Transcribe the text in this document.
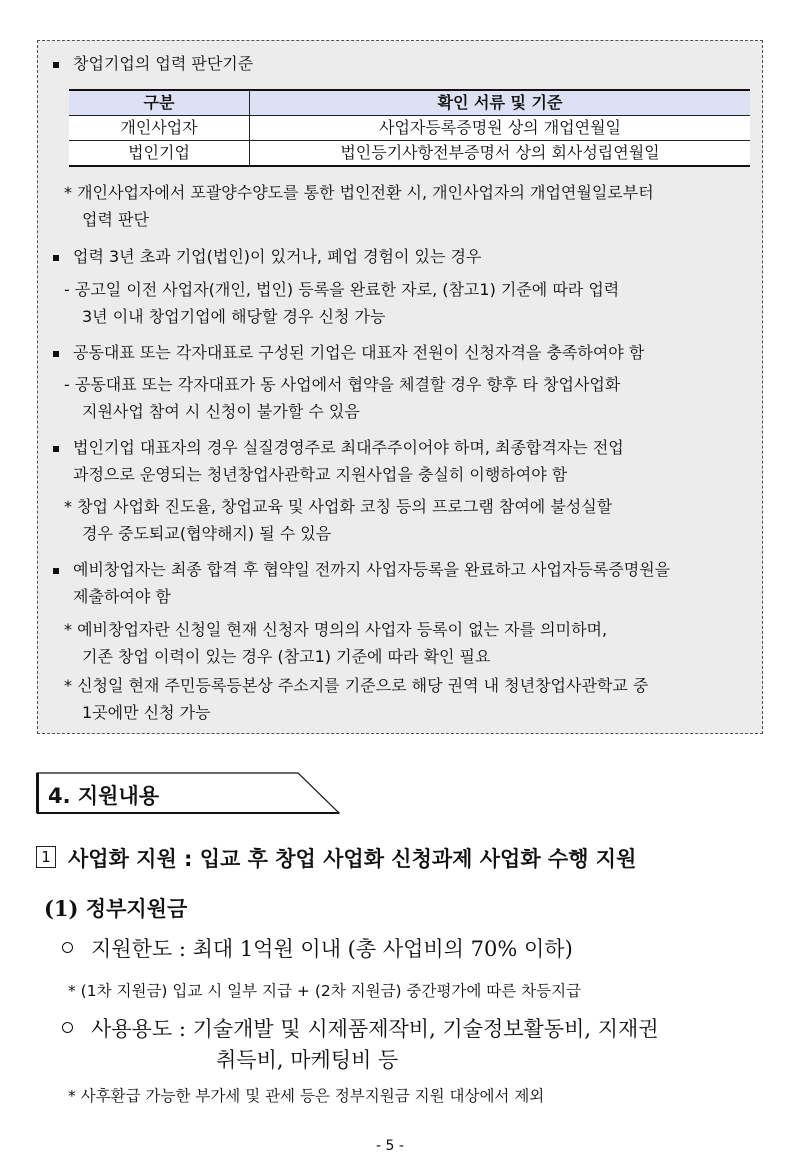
창업기업의 업력 판단기준
구분	확인 서류 및 기준
개인사업자	사업자등록증명원 상의 개업연월일
법인기업	법인등기사항전부증명서 상의 회사성립연월일
* 개인사업자에서 포괄양수양도를 통한 법인전환 시, 개인사업자의 개업연월일로부터
업력 판단
업력 3년 초과 기업(법인)이 있거나, 폐업 경험이 있는 경우
- 공고일 이전 사업자(개인, 법인) 등록을 완료한 자로, (참고1) 기준에 따라 업력
3년 이내 창업기업에 해당할 경우 신청 가능
공동대표 또는 각자대표로 구성된 기업은 대표자 전원이 신청자격을 충족하여야 함
- 공동대표 또는 각자대표가 동 사업에서 협약을 체결할 경우 향후 타 창업사업화
지원사업 참여 시 신청이 불가할 수 있음
법인기업 대표자의 경우 실질경영주로 최대주주이어야 하며, 최종합격자는 전업
과정으로 운영되는 청년창업사관학교 지원사업을 충실히 이행하여야 함
* 창업 사업화 진도율, 창업교육 및 사업화 코칭 등의 프로그램 참여에 불성실할
경우 중도퇴교(협약해지) 될 수 있음
예비창업자는 최종 합격 후 협약일 전까지 사업자등록을 완료하고 사업자등록증명원을
제출하여야 함
* 예비창업자란 신청일 현재 신청자 명의의 사업자 등록이 없는 자를 의미하며,
기존 창업 이력이 있는 경우 (참고1) 기준에 따라 확인 필요
* 신청일 현재 주민등록등본상 주소지를 기준으로 해당 권역 내 청년창업사관학교 중
1곳에만 신청 가능
4. 지원내용
1 사업화 지원 : 입교 후 창업 사업화 신청과제 사업화 수행 지원
(1) 정부지원금
지원한도 : 최대 1억원 이내 (총 사업비의 70% 이하)
* (1차 지원금) 입교 시 일부 지급 + (2차 지원금) 중간평가에 따른 차등지급
사용용도 : 기술개발 및 시제품제작비, 기술정보활동비, 지재권
취득비, 마케팅비 등
* 사후환급 가능한 부가세 및 관세 등은 정부지원금 지원 대상에서 제외
- 5 -
